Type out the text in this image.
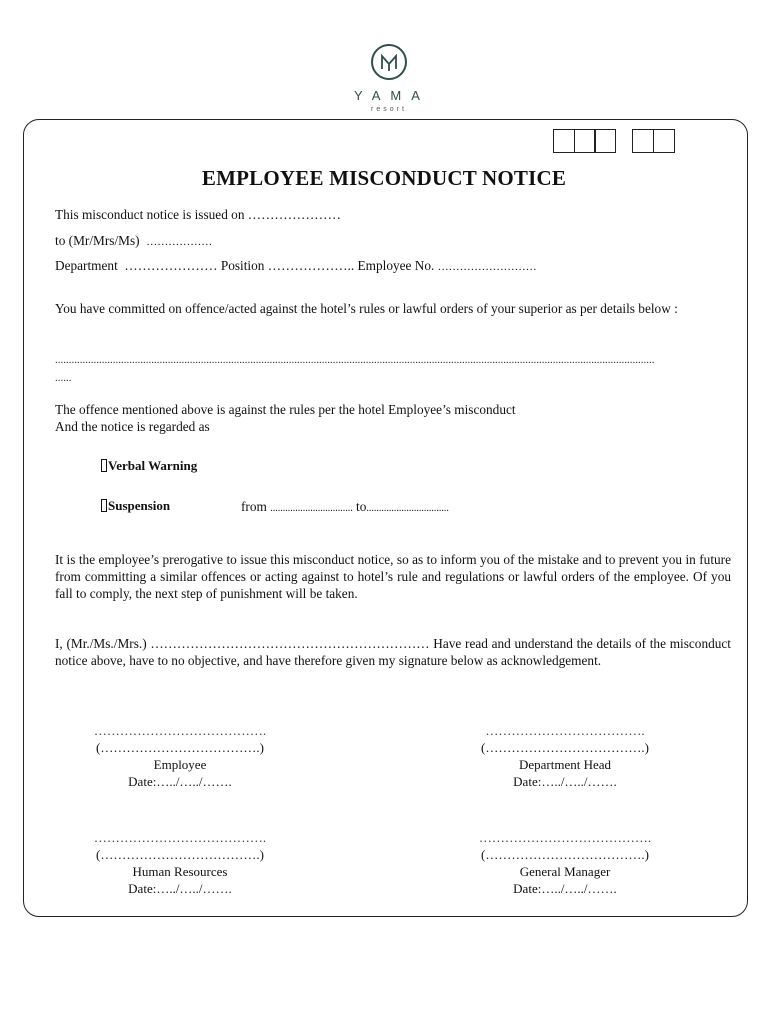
YAMA
resort
EMPLOYEE MISCONDUCT NOTICE
This misconduct notice is issued on …………………
to (Mr/Mrs/Ms) ………………
Department ………………… Position ……………….. Employee No. ………………………
You have committed on offence/acted against the hotel’s rules or lawful orders of your superior as per details below :
..........................................................................................................................................................................................................................
......
The offence mentioned above is against the rules per the hotel Employee’s misconduct
And the notice is regarded as
Verbal Warning
Suspension	from ................................. to.................................
It is the employee’s prerogative to issue this misconduct notice, so as to inform you of the mistake and to prevent you in future from committing a similar offences or acting against to hotel’s rule and regulations or lawful orders of the employee. Of you fall to comply, the next step of punishment will be taken.
I, (Mr./Ms./Mrs.) ……………………………………………………… Have read and understand the details of the misconduct notice above, have to no objective, and have therefore given my signature below as acknowledgement.
………………………………….
(……………………………….)
Employee
Date:…../…../…….
……………………………….
(……………………………….)
Department Head
Date:…../…../…….
………………………………….
(……………………………….)
Human Resources
Date:…../…../…….
………………………………….
(……………………………….)
General Manager
Date:…../…../…….
